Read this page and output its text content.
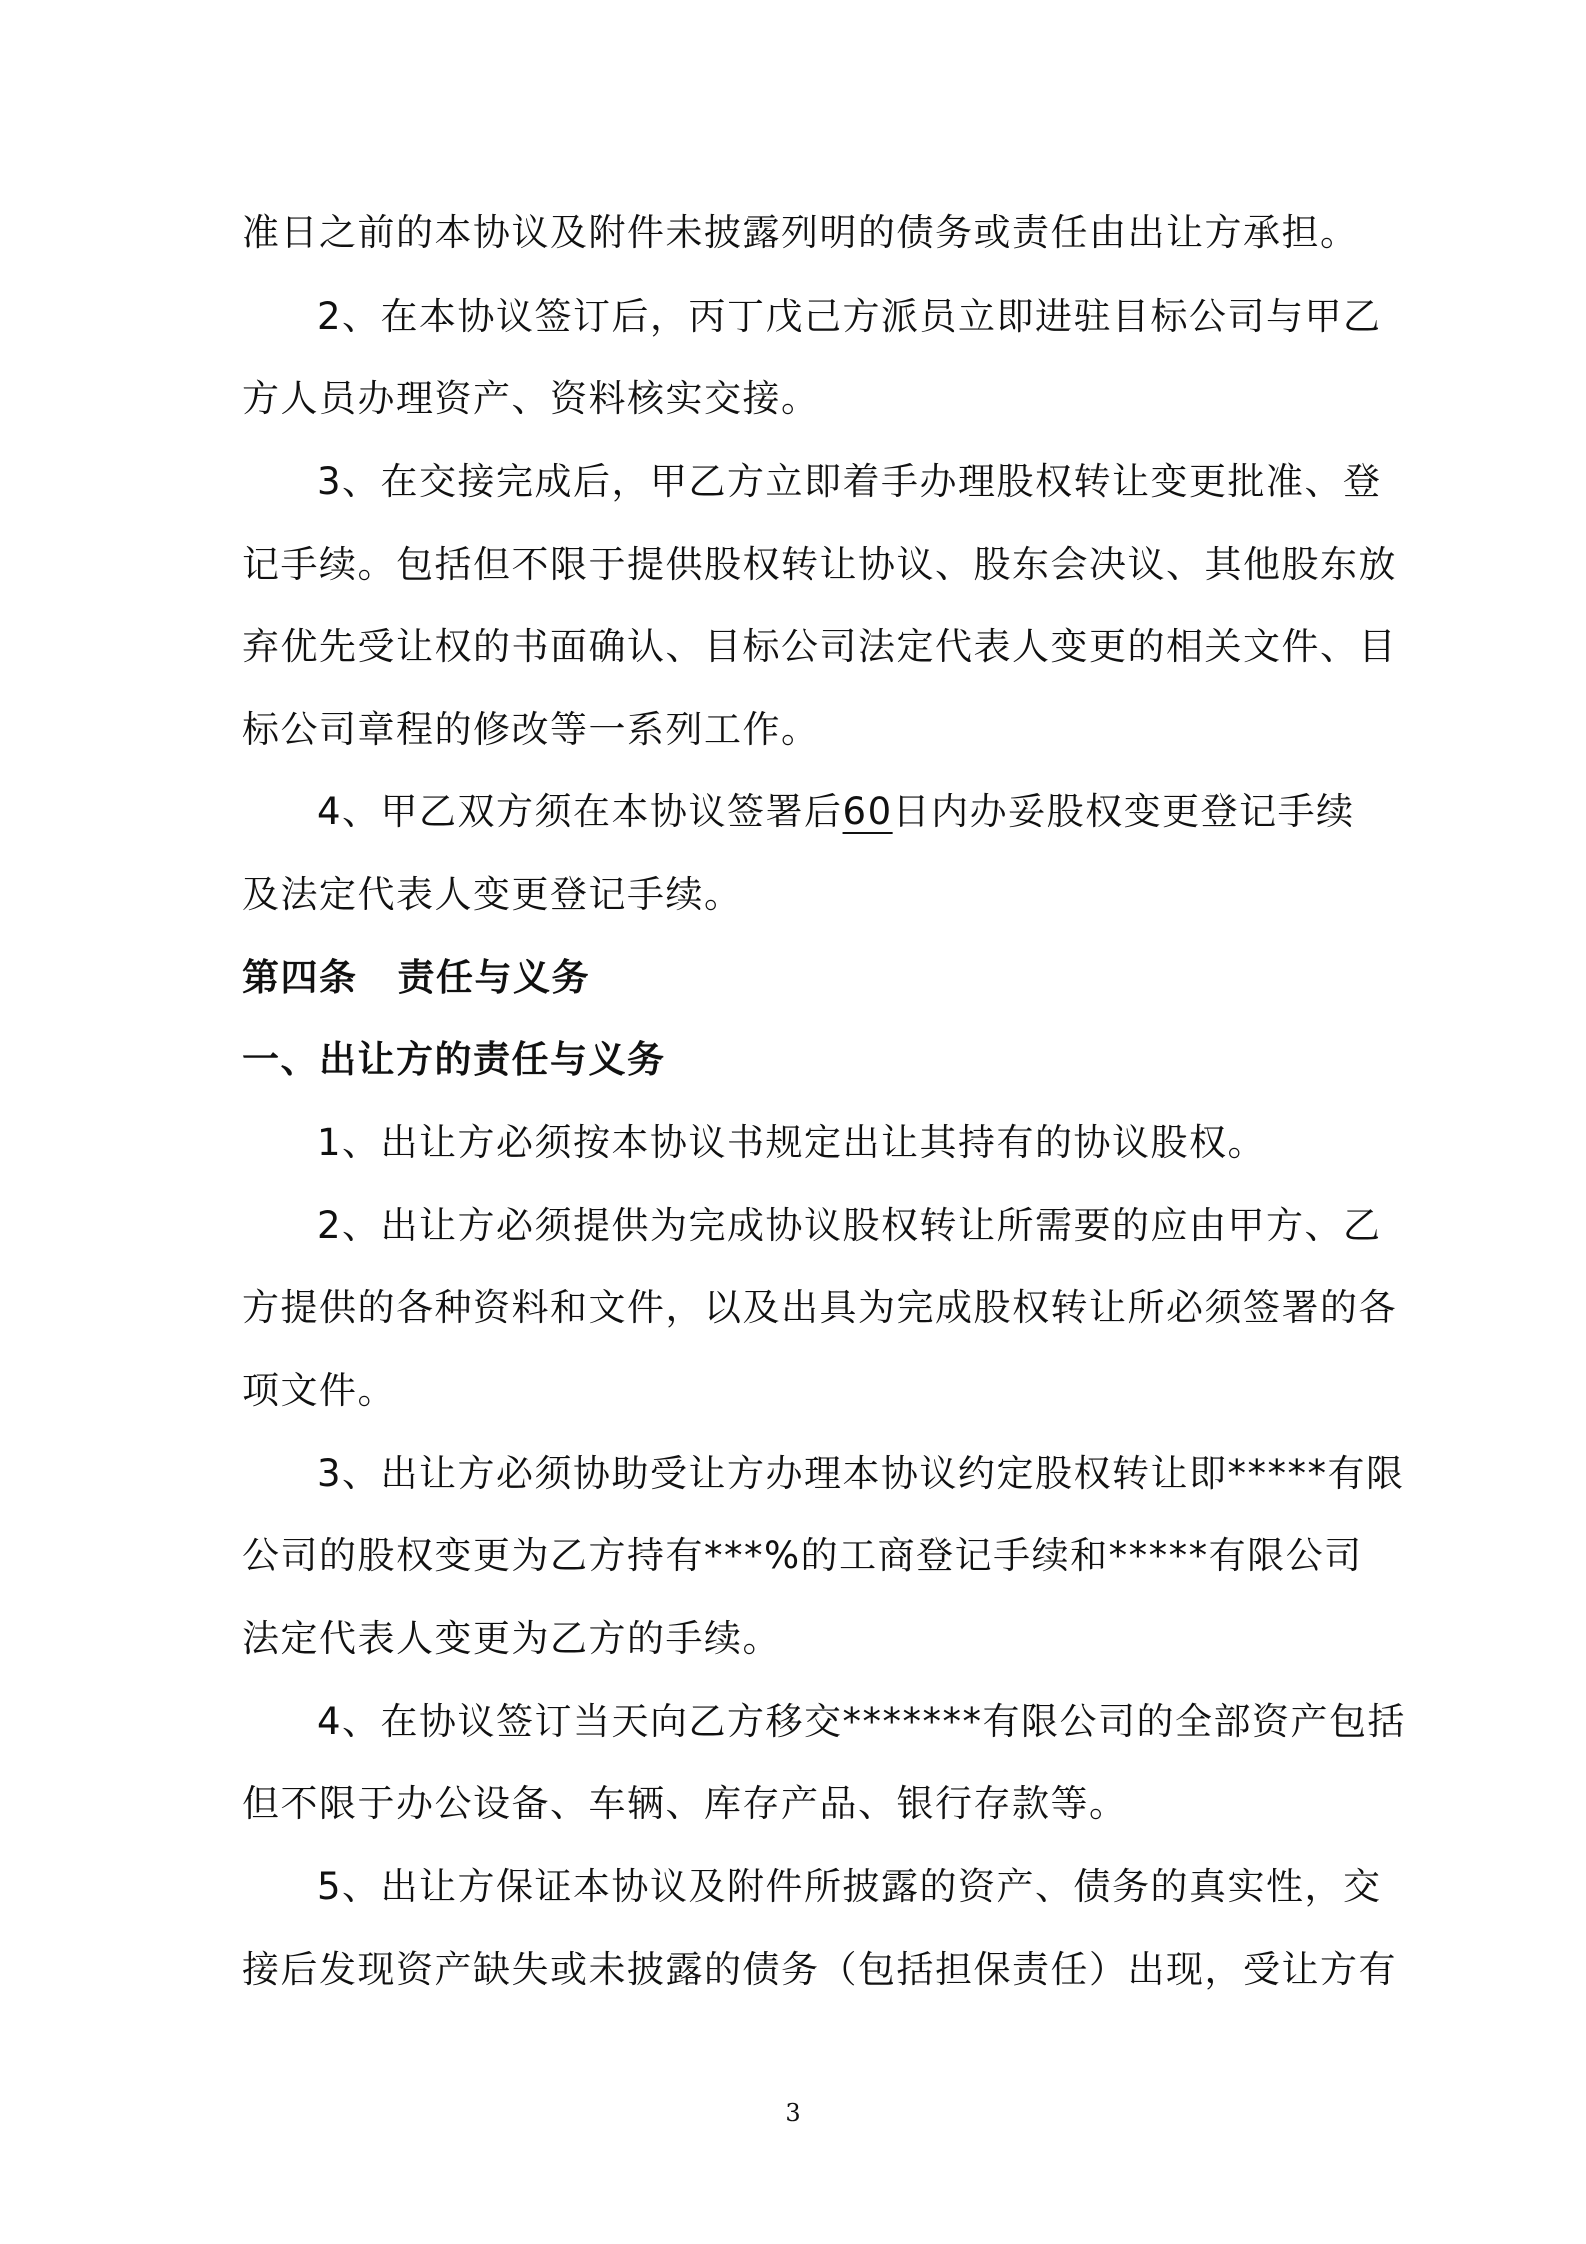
准日之前的本协议及附件未披露列明的债务或责任由出让方承担。
2、在本协议签订后，丙丁戊己方派员立即进驻目标公司与甲乙
方人员办理资产、资料核实交接。
3、在交接完成后，甲乙方立即着手办理股权转让变更批准、登
记手续。包括但不限于提供股权转让协议、股东会决议、其他股东放
弃优先受让权的书面确认、目标公司法定代表人变更的相关文件、目
标公司章程的修改等一系列工作。
4、甲乙双方须在本协议签署后60日内办妥股权变更登记手续
及法定代表人变更登记手续。
第四条 责任与义务
一、出让方的责任与义务
1、出让方必须按本协议书规定出让其持有的协议股权。
2、出让方必须提供为完成协议股权转让所需要的应由甲方、乙
方提供的各种资料和文件，以及出具为完成股权转让所必须签署的各
项文件。
3、出让方必须协助受让方办理本协议约定股权转让即*****有限
公司的股权变更为乙方持有***%的工商登记手续和*****有限公司
法定代表人变更为乙方的手续。
4、在协议签订当天向乙方移交*******有限公司的全部资产包括
但不限于办公设备、车辆、库存产品、银行存款等。
5、出让方保证本协议及附件所披露的资产、债务的真实性，交
接后发现资产缺失或未披露的债务（包括担保责任）出现，受让方有
3
